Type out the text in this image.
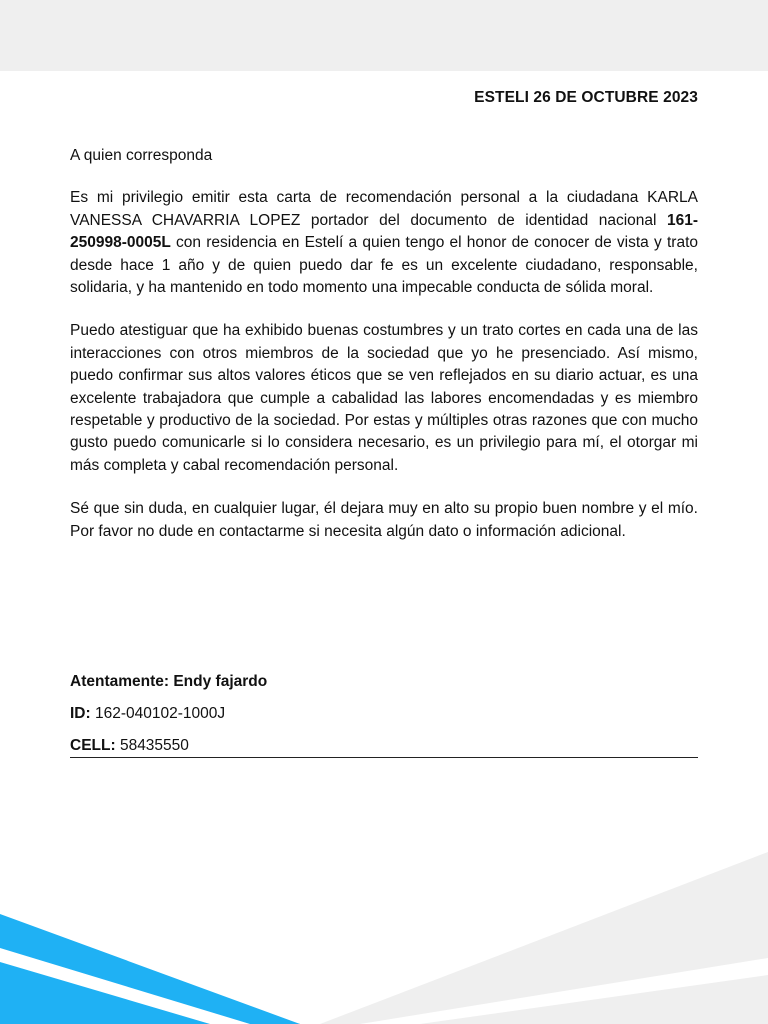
ESTELI 26 DE OCTUBRE 2023

A quien corresponda

Es mi privilegio emitir esta carta de recomendación personal a la ciudadana KARLA VANESSA CHAVARRIA LOPEZ portador del documento de identidad nacional 161-250998-0005L con residencia en Estelí a quien tengo el honor de conocer de vista y trato desde hace 1 año y de quien puedo dar fe es un excelente ciudadano, responsable, solidaria, y ha mantenido en todo momento una impecable conducta de sólida moral.

Puedo atestiguar que ha exhibido buenas costumbres y un trato cortes en cada una de las interacciones con otros miembros de la sociedad que yo he presenciado. Así mismo, puedo confirmar sus altos valores éticos que se ven reflejados en su diario actuar, es una excelente trabajadora que cumple a cabalidad las labores encomendadas y es miembro respetable y productivo de la sociedad. Por estas y múltiples otras razones que con mucho gusto puedo comunicarle si lo considera necesario, es un privilegio para mí, el otorgar mi más completa y cabal recomendación personal.

Sé que sin duda, en cualquier lugar, él dejara muy en alto su propio buen nombre y el mío. Por favor no dude en contactarme si necesita algún dato o información adicional.

Atentamente: Endy fajardo
ID: 162-040102-1000J
CELL: 58435550
